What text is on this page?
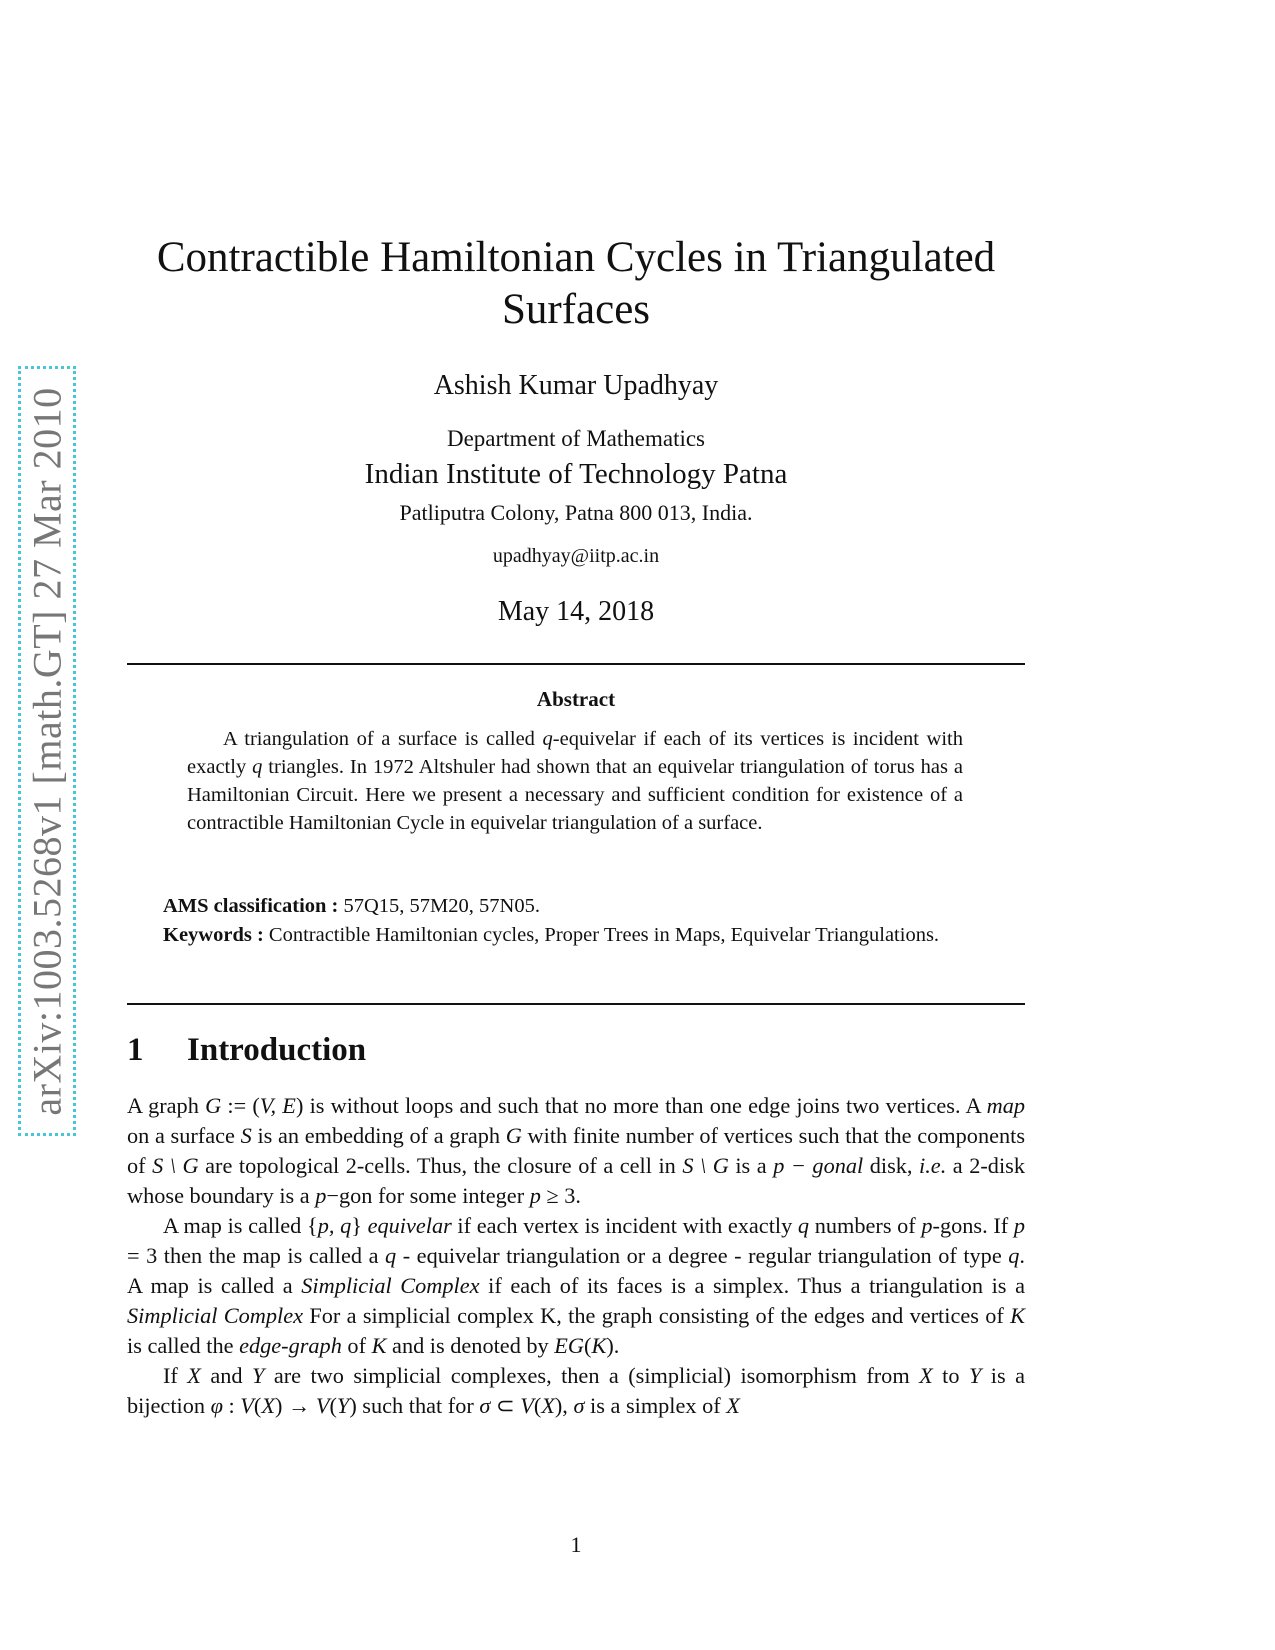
arXiv:1003.5268v1 [math.GT] 27 Mar 2010
Contractible Hamiltonian Cycles in Triangulated Surfaces
Ashish Kumar Upadhyay
Department of Mathematics
Indian Institute of Technology Patna
Patliputra Colony, Patna 800 013, India.
upadhyay@iitp.ac.in
May 14, 2018
Abstract

A triangulation of a surface is called q-equivelar if each of its vertices is incident with exactly q triangles. In 1972 Altshuler had shown that an equivelar triangulation of torus has a Hamiltonian Circuit. Here we present a necessary and sufficient condition for existence of a contractible Hamiltonian Cycle in equivelar triangulation of a surface.

AMS classification : 57Q15, 57M20, 57N05.
Keywords : Contractible Hamiltonian cycles, Proper Trees in Maps, Equivelar Triangulations.
1 Introduction

A graph G := (V, E) is without loops and such that no more than one edge joins two vertices. A map on a surface S is an embedding of a graph G with finite number of vertices such that the components of S \ G are topological 2-cells. Thus, the closure of a cell in S \ G is a p − gonal disk, i.e. a 2-disk whose boundary is a p−gon for some integer p ≥ 3.

A map is called {p, q} equivelar if each vertex is incident with exactly q numbers of p-gons. If p = 3 then the map is called a q - equivelar triangulation or a degree - regular triangulation of type q. A map is called a Simplicial Complex if each of its faces is a simplex. Thus a triangulation is a Simplicial Complex For a simplicial complex K, the graph consisting of the edges and vertices of K is called the edge-graph of K and is denoted by EG(K).

If X and Y are two simplicial complexes, then a (simplicial) isomorphism from X to Y is a bijection φ : V(X) → V(Y) such that for σ ⊂ V(X), σ is a simplex of X

1
